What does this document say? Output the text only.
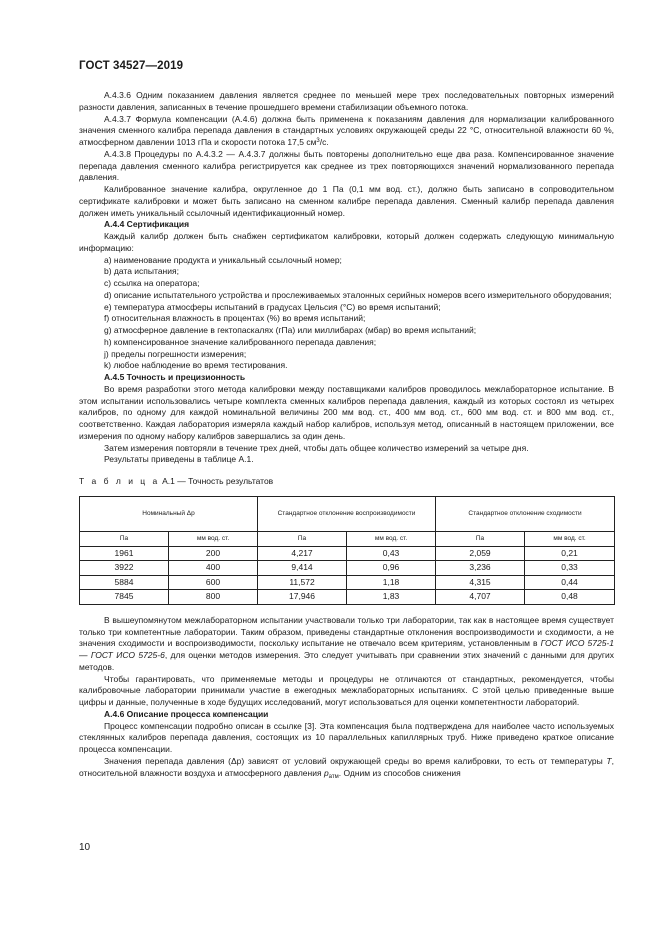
ГОСТ 34527—2019

А.4.3.6 Одним показанием давления является среднее по меньшей мере трех последовательных повторных измерений разности давления, записанных в течение прошедшего времени стабилизации объемного потока.

А.4.3.7 Формула компенсации (А.4.6) должна быть применена к показаниям давления для нормализации калиброванного значения сменного калибра перепада давления в стандартных условиях окружающей среды 22 °C, относительной влажности 60 %, атмосферном давлении 1013 гПа и скорости потока 17,5 $см^3/с$.

А.4.3.8 Процедуры по А.4.3.2 — А.4.3.7 должны быть повторены дополнительно еще два раза. Компенсированное значение перепада давления сменного калибра регистрируется как среднее из трех повторяющихся значений нормализованного перепада давления.

Калиброванное значение калибра, округленное до 1 Па (0,1 мм вод. ст.), должно быть записано в сопроводительном сертификате калибровки и может быть записано на сменном калибре перепада давления. Сменный калибр перепада давления должен иметь уникальный ссылочный идентификационный номер.

А.4.4 Сертификация

Каждый калибр должен быть снабжен сертификатом калибровки, который должен содержать следующую минимальную информацию:

a) наименование продукта и уникальный ссылочный номер;

b) дата испытания;

c) ссылка на оператора;

d) описание испытательного устройства и прослеживаемых эталонных серийных номеров всего измерительного оборудования;

e) температура атмосферы испытаний в градусах Цельсия (°C) во время испытаний;

f) относительная влажность в процентах (%) во время испытаний;

g) атмосферное давление в гектопаскалях (гПа) или миллибарах (мбар) во время испытаний;

h) компенсированное значение калиброванного перепада давления;

j) пределы погрешности измерения;

k) любое наблюдение во время тестирования.

А.4.5 Точность и прецизионность

Во время разработки этого метода калибровки между поставщиками калибров проводилось межлабораторное испытание. В этом испытании использовались четыре комплекта сменных калибров перепада давления, каждый из которых состоял из четырех калибров, по одному для каждой номинальной величины 200 мм вод. ст., 400 мм вод. ст., 600 мм вод. ст. и 800 мм вод. ст., соответственно. Каждая лаборатория измеряла каждый набор калибров, используя метод, описанный в настоящем приложении, все измерения по одному набору калибров завершались за один день.

Затем измерения повторяли в течение трех дней, чтобы дать общее количество измерений за четыре дня.

Результаты приведены в таблице А.1.

Т а б л и ц а А.1 — Точность результатов

Номинальный Δp		Стандартное отклонение воспроизводимости		Стандартное отклонение сходимости	
Па	мм вод. ст.	Па	мм вод. ст.	Па	мм вод. ст.
1961	200	4,217	0,43	2,059	0,21
3922	400	9,414	0,96	3,236	0,33
5884	600	11,572	1,18	4,315	0,44
7845	800	17,946	1,83	4,707	0,48

В вышеупомянутом межлабораторном испытании участвовали только три лаборатории, так как в настоящее время существует только три компетентные лаборатории. Таким образом, приведены стандартные отклонения воспроизводимости и сходимости, а не значения сходимости и воспроизводимости, поскольку испытание не отвечало всем критериям, установленным в ГОСТ ИСО 5725-1 — ГОСТ ИСО 5725-6, для оценки методов измерения. Это следует учитывать при сравнении этих значений с данными для других методов.

Чтобы гарантировать, что применяемые методы и процедуры не отличаются от стандартных, рекомендуется, чтобы калибровочные лаборатории принимали участие в ежегодных межлабораторных испытаниях. С этой целью приведенные выше цифры и данные, полученные в ходе будущих исследований, могут использоваться для оценки компетентности лабораторий.

А.4.6 Описание процесса компенсации

Процесс компенсации подробно описан в ссылке [3]. Эта компенсация была подтверждена для наиболее часто используемых стеклянных калибров перепада давления, состоящих из 10 параллельных капиллярных труб. Ниже приведено краткое описание процесса компенсации.

Значения перепада давления (Δp) зависят от условий окружающей среды во время калибровки, то есть от температуры T, относительной влажности воздуха и атмосферного давления $p_{атм}$. Одним из способов снижения

10
